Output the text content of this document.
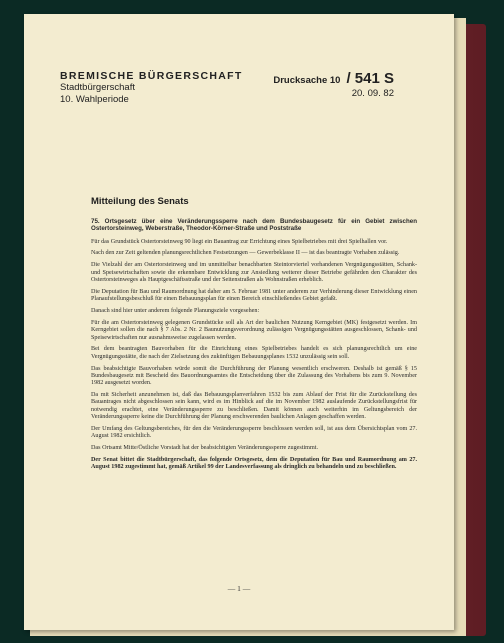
BREMISCHE BÜRGERSCHAFT
Stadtbürgerschaft
10. Wahlperiode
Drucksache 10 / 541 S
20. 09. 82
Mitteilung des Senats

75. Ortsgesetz über eine Veränderungssperre nach dem Bundesbaugesetz für ein Gebiet zwischen Ostertorsteinweg, Weberstraße, Theodor-Körner-Straße und Poststraße

Für das Grundstück Ostertorsteinweg 90 liegt ein Bauantrag zur Errichtung eines Spielbetriebes mit drei Spielhallen vor.

Nach den zur Zeit geltenden planungsrechtlichen Festsetzungen — Gewerbeklasse II — ist das beantragte Vorhaben zulässig.

Die Vielzahl der am Ostertorsteinweg und im unmittelbar benachbarten Steintorviertel vorhandenen Vergnügungsstätten, Schank- und Speisewirtschaften sowie die erkennbare Entwicklung zur Ansiedlung weiterer dieser Betriebe gefährden den Charakter des Ostertorsteinweges als Hauptgeschäftsstraße und der Seitenstraßen als Wohnstraßen erheblich.

Die Deputation für Bau und Raumordnung hat daher am 5. Februar 1981 unter anderem zur Verhinderung dieser Entwicklung einen Planaufstellungsbeschluß für einen Bebauungsplan für einen Bereich einschließendes Gebiet gefaßt.

Danach sind hier unter anderem folgende Planungsziele vorgesehen:

Für die am Ostertorsteinweg gelegenen Grundstücke soll als Art der baulichen Nutzung Kerngebiet (MK) festgesetzt werden. Im Kerngebiet sollen die nach § 7 Abs. 2 Nr. 2 Baunutzungsverordnung zulässigen Vergnügungsstätten ausgeschlossen, Schank- und Speisewirtschaften nur ausnahmsweise zugelassen werden.

Bei dem beantragten Bauvorhaben für die Einrichtung eines Spielbetriebes handelt es sich planungsrechtlich um eine Vergnügungsstätte, die nach der Zielsetzung des zukünftigen Bebauungsplanes 1532 unzulässig sein soll.

Das beabsichtigte Bauvorhaben würde somit die Durchführung der Planung wesentlich erschweren. Deshalb ist gemäß § 15 Bundesbaugesetz mit Bescheid des Bauordnungsamtes die Entscheidung über die Zulassung des Vorhabens bis zum 9. November 1982 ausgesetzt worden.

Da mit Sicherheit anzunehmen ist, daß das Bebauungsplanverfahren 1532 bis zum Ablauf der Frist für die Zurückstellung des Bauantrages nicht abgeschlossen sein kann, wird es im Hinblick auf die im November 1982 auslaufende Zurückstellungsfrist für notwendig erachtet, eine Veränderungssperre zu beschließen. Damit können auch weiterhin im Geltungsbereich der Veränderungssperre keine die Durchführung der Planung erschwerenden baulichen Anlagen geschaffen werden.

Der Umfang des Geltungsbereiches, für den die Veränderungssperre beschlossen werden soll, ist aus dem Übersichtsplan vom 27. August 1982 ersichtlich.

Das Ortsamt Mitte/Östliche Vorstadt hat der beabsichtigten Veränderungssperre zugestimmt.

Der Senat bittet die Stadtbürgerschaft, das folgende Ortsgesetz, dem die Deputation für Bau und Raumordnung am 27. August 1982 zugestimmt hat, gemäß Artikel 99 der Landesverfassung als dringlich zu behandeln und zu beschließen.

— 1 —
